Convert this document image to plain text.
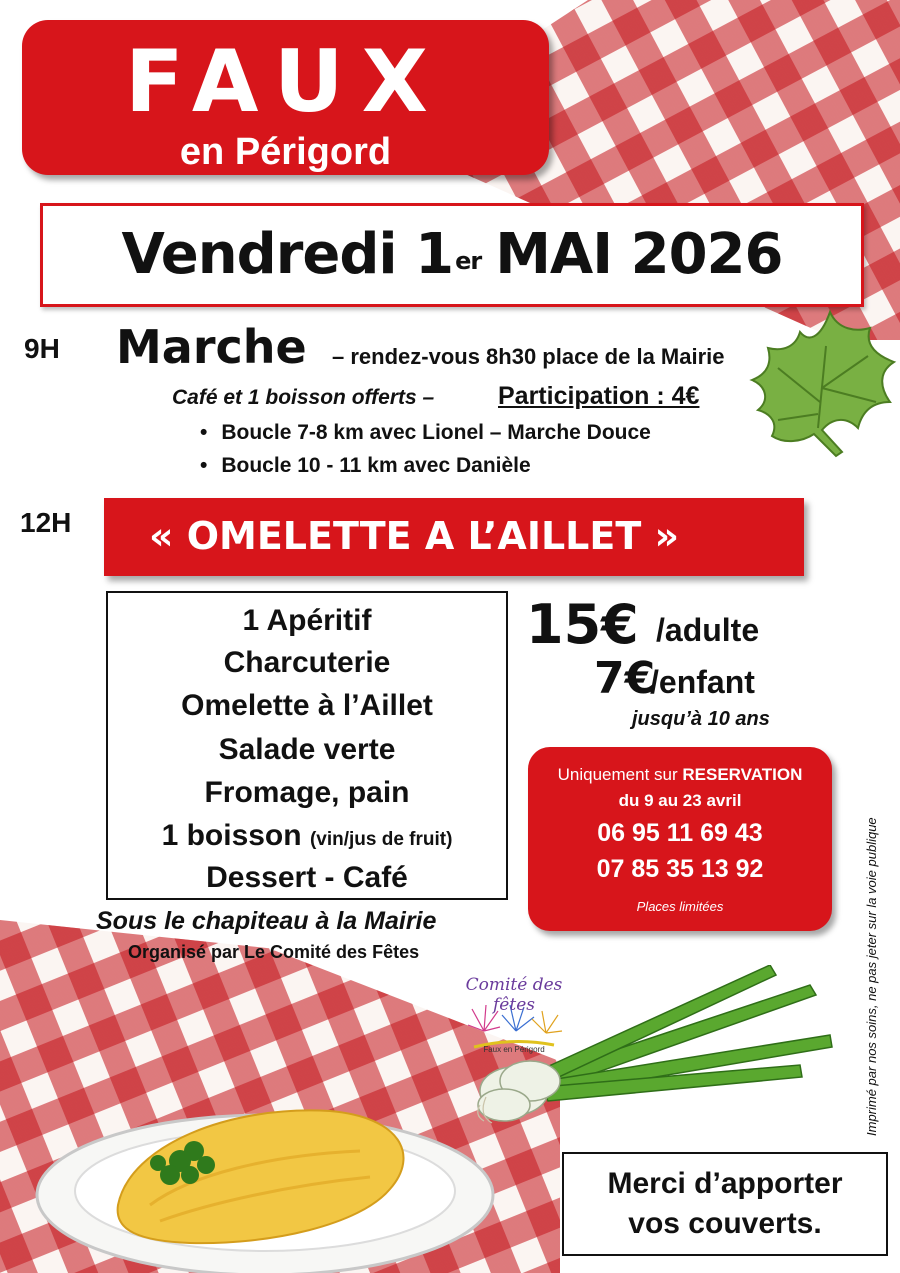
FAUX
en Périgord
Vendredi 1er MAI 2026
9H Marche – rendez-vous 8h30 place de la Mairie
Café et 1 boisson offerts –	Participation : 4€
• Boucle 7-8 km avec Lionel – Marche Douce
• Boucle 10 - 11 km avec Danièle
12H	« OMELETTE A L’AILLET »
1 Apéritif
Charcuterie
Omelette à l’Aillet
Salade verte
Fromage, pain
1 boisson (vin/jus de fruit)
Dessert - Café
15€ /adulte
7€
/enfant
jusqu’à 10 ans
Uniquement sur RESERVATION
du 9 au 23 avril
06 95 11 69 43
07 85 35 13 92
Places limitées
Sous le chapiteau à la Mairie
Organisé par Le Comité des Fêtes
Comité des fêtes
Faux en Périgord	Imprimé par nos soins, ne pas jeter sur la voie publique
Merci d’apporter
vos couverts.
